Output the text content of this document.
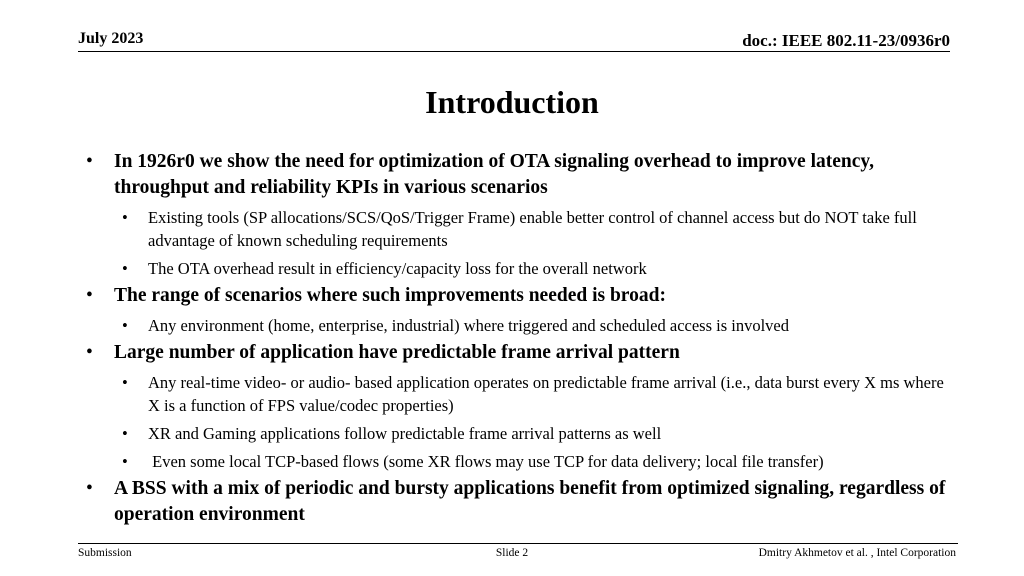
July 2023	doc.: IEEE 802.11-23/0936r0
Introduction
•	In 1926r0 we show the need for optimization of OTA signaling overhead to improve latency, throughput and reliability KPIs in various scenarios
•	Existing tools (SP allocations/SCS/QoS/Trigger Frame) enable better control of channel access but do NOT take full advantage of known scheduling requirements
•	The OTA overhead result in efficiency/capacity loss for the overall network
•	The range of scenarios where such improvements needed is broad:
•	Any environment (home, enterprise, industrial) where triggered and scheduled access is involved
•	Large number of application have predictable frame arrival pattern
•	Any real-time video- or audio- based application operates on predictable frame arrival (i.e., data burst every X ms where X is a function of FPS value/codec properties)
•	XR and Gaming applications follow predictable frame arrival patterns as well
•	Even some local TCP-based flows (some XR flows may use TCP for data delivery; local file transfer)
•	A BSS with a mix of periodic and bursty applications benefit from optimized signaling, regardless of operation environment
Submission	Slide 2	Dmitry Akhmetov et al. , Intel Corporation
